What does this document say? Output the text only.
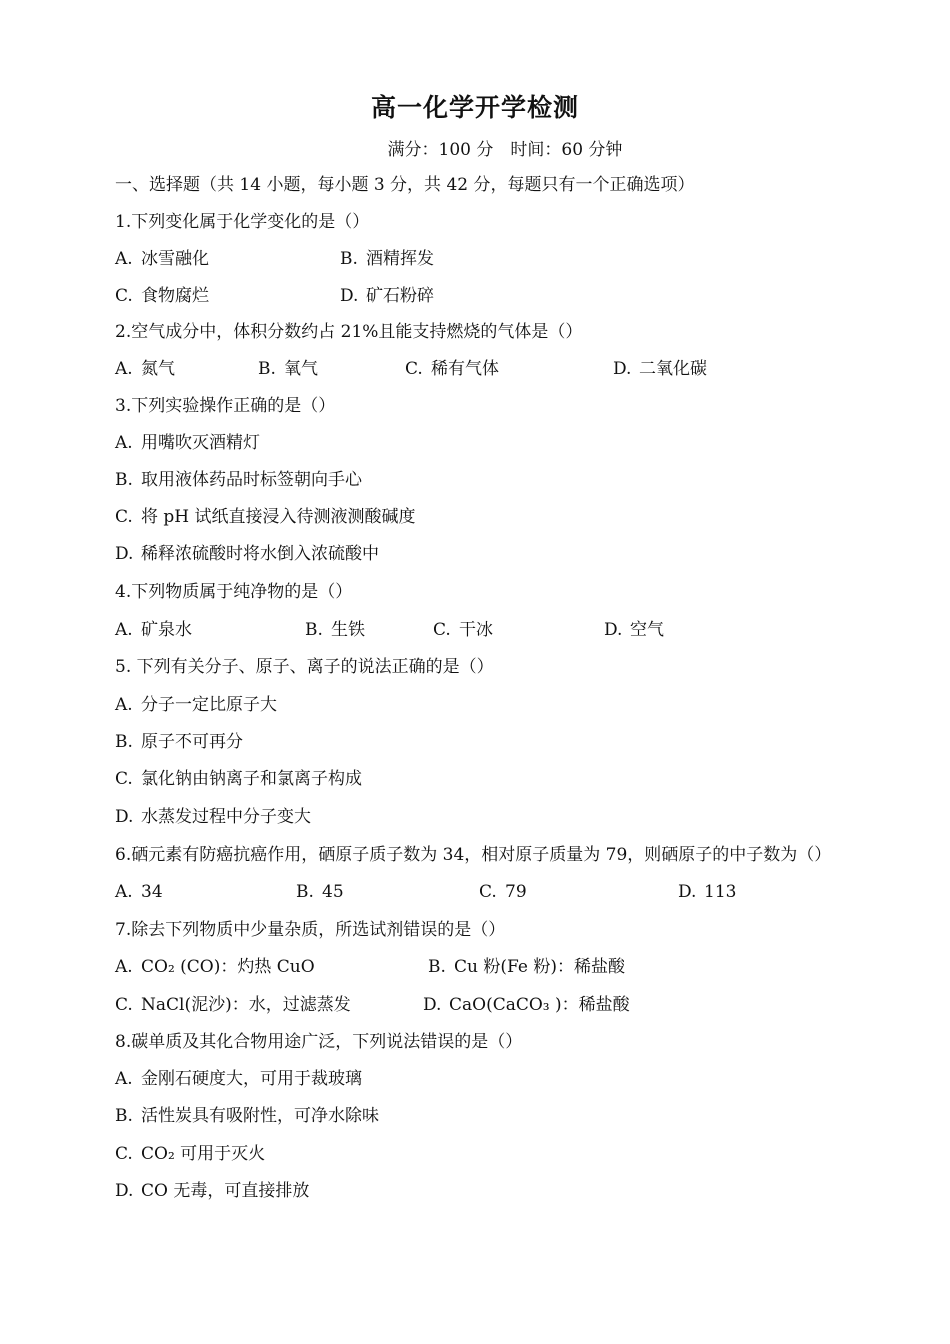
高一化学开学检测
满分：100 分　时间：60 分钟
一、选择题（共 14 小题，每小题 3 分，共 42 分，每题只有一个正确选项）
1.下列变化属于化学变化的是（）
A. 冰雪融化	B. 酒精挥发
C. 食物腐烂	D. 矿石粉碎
2.空气成分中，体积分数约占 21%且能支持燃烧的气体是（）
A. 氮气	B. 氧气	C. 稀有气体	D. 二氧化碳
3.下列实验操作正确的是（）
A. 用嘴吹灭酒精灯
B. 取用液体药品时标签朝向手心
C. 将 pH 试纸直接浸入待测液测酸碱度
D. 稀释浓硫酸时将水倒入浓硫酸中
4.下列物质属于纯净物的是（）
A. 矿泉水	B. 生铁	C. 干冰	D. 空气
5. 下列有关分子、原子、离子的说法正确的是（）
A. 分子一定比原子大
B. 原子不可再分
C. 氯化钠由钠离子和氯离子构成
D. 水蒸发过程中分子变大
6.硒元素有防癌抗癌作用，硒原子质子数为 34，相对原子质量为 79，则硒原子的中子数为（）
A. 34	B. 45	C. 79	D. 113
7.除去下列物质中少量杂质，所选试剂错误的是（）
A. CO₂ (CO)：灼热 CuO	B. Cu 粉(Fe 粉)：稀盐酸
C. NaCl(泥沙)：水，过滤蒸发	D. CaO(CaCO₃ )：稀盐酸
8.碳单质及其化合物用途广泛，下列说法错误的是（）
A. 金刚石硬度大，可用于裁玻璃
B. 活性炭具有吸附性，可净水除味
C. CO₂ 可用于灭火
D. CO 无毒，可直接排放
